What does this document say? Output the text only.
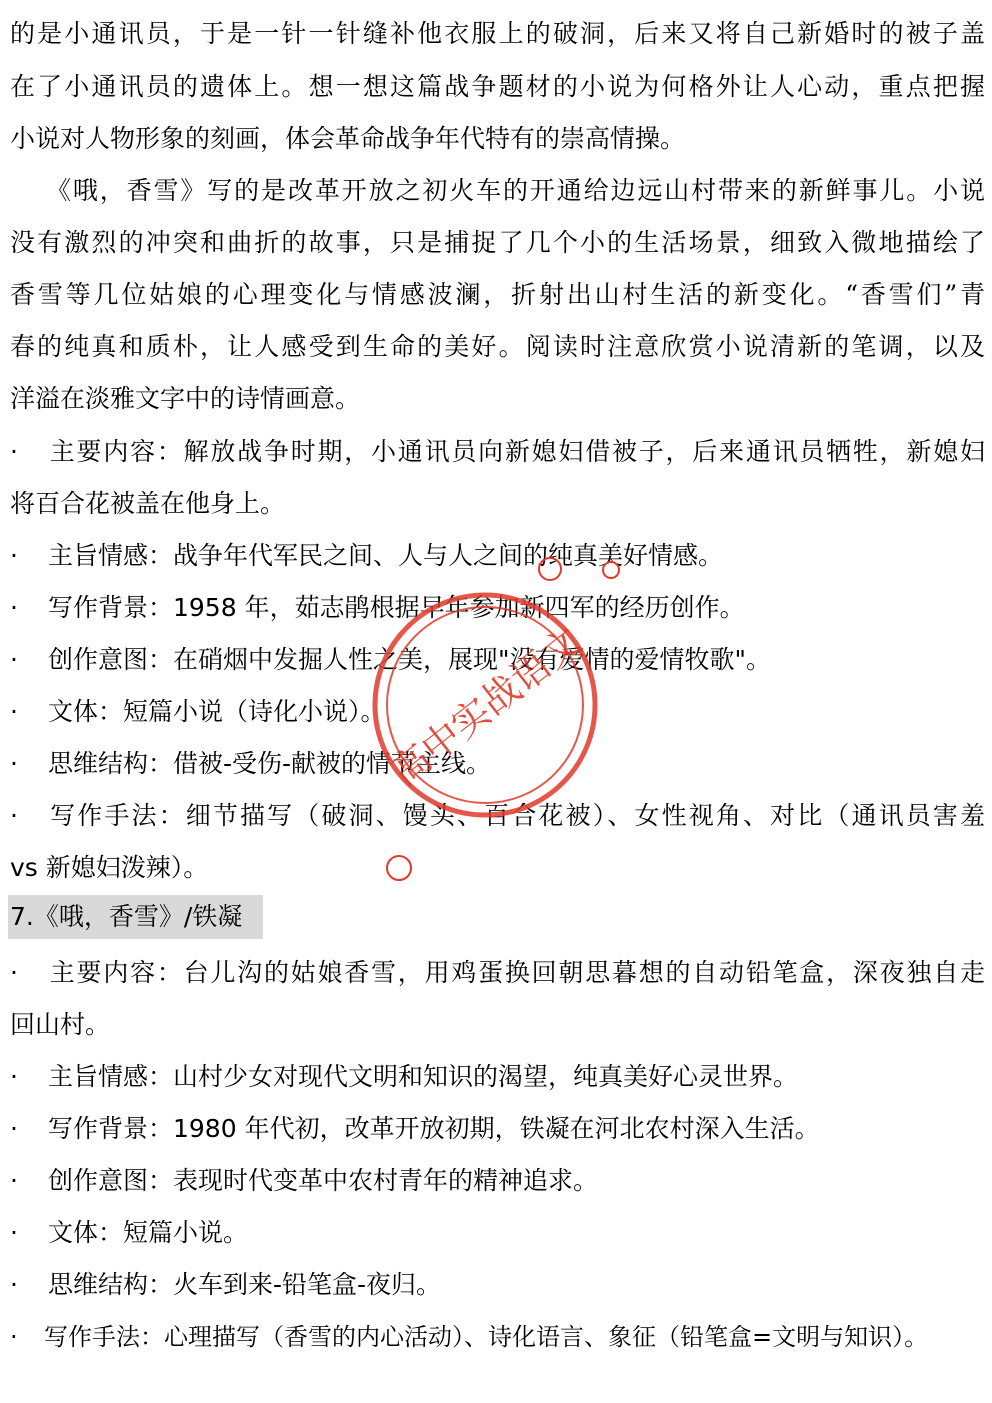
的是小通讯员，于是一针一针缝补他衣服上的破洞，后来又将自己新婚时的被子盖
在了小通讯员的遗体上。想一想这篇战争题材的小说为何格外让人心动，重点把握
小说对人物形象的刻画，体会革命战争年代特有的崇高情操。
《哦，香雪》写的是改革开放之初火车的开通给边远山村带来的新鲜事儿。小说
没有激烈的冲突和曲折的故事，只是捕捉了几个小的生活场景，细致入微地描绘了
香雪等几位姑娘的心理变化与情感波澜，折射出山村生活的新变化。“香雪们”青
春的纯真和质朴，让人感受到生命的美好。阅读时注意欣赏小说清新的笔调，以及
洋溢在淡雅文字中的诗情画意。
· 主要内容：解放战争时期，小通讯员向新媳妇借被子，后来通讯员牺牲，新媳妇
将百合花被盖在他身上。
· 主旨情感：战争年代军民之间、人与人之间的纯真美好情感。
· 写作背景：1958 年，茹志鹃根据早年参加新四军的经历创作。
· 创作意图：在硝烟中发掘人性之美，展现"没有爱情的爱情牧歌"。
· 文体：短篇小说（诗化小说）。
· 思维结构：借被-受伤-献被的情节主线。
· 写作手法：细节描写（破洞、馒头、百合花被）、女性视角、对比（通讯员害羞
vs 新媳妇泼辣）。
7.《哦，香雪》/铁凝
· 主要内容：台儿沟的姑娘香雪，用鸡蛋换回朝思暮想的自动铅笔盒，深夜独自走
回山村。
· 主旨情感：山村少女对现代文明和知识的渴望，纯真美好心灵世界。
· 写作背景：1980 年代初，改革开放初期，铁凝在河北农村深入生活。
· 创作意图：表现时代变革中农村青年的精神追求。
· 文体：短篇小说。
· 思维结构：火车到来-铅笔盒-夜归。
· 写作手法：心理描写（香雪的内心活动）、诗化语言、象征（铅笔盒=文明与知识）。
高中实战语文
